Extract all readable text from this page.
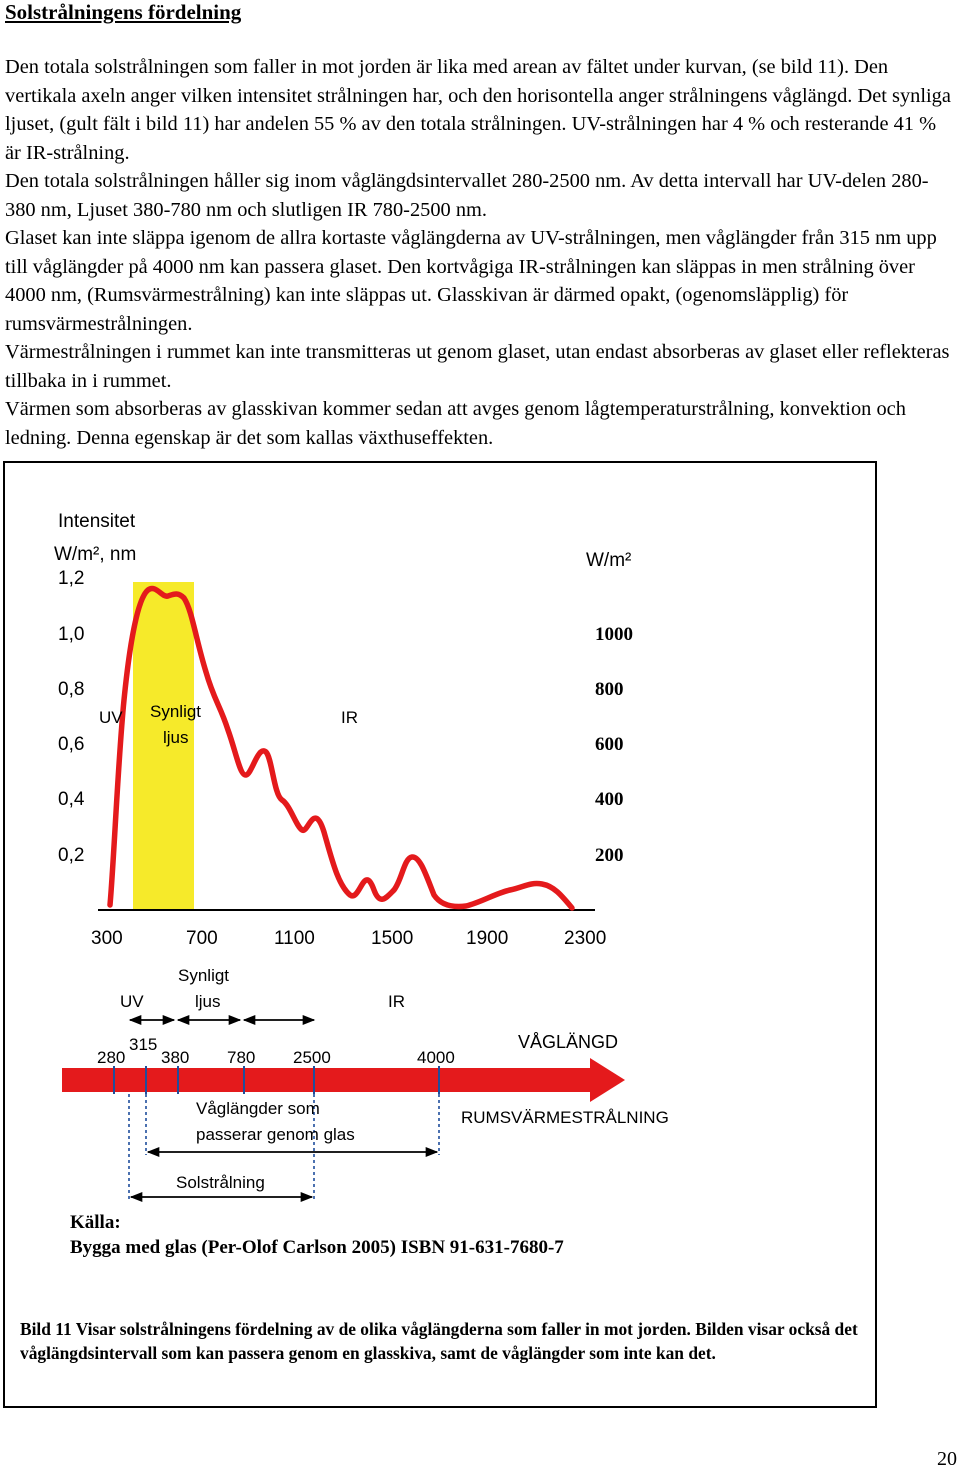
Solstrålningens fördelning
Den totala solstrålningen som faller in mot jorden är lika med arean av fältet under kurvan, (se bild 11). Den vertikala axeln anger vilken intensitet strålningen har, och den horisontella anger strålningens våglängd. Det synliga ljuset, (gult fält i bild 11) har andelen 55 % av den totala strålningen. UV-strålningen har 4 % och resterande 41 % är IR-strålning.
Den totala solstrålningen håller sig inom våglängdsintervallet 280-2500 nm. Av detta intervall har UV-delen 280-380 nm, Ljuset 380-780 nm och slutligen IR 780-2500 nm.
Glaset kan inte släppa igenom de allra kortaste våglängderna av UV-strålningen, men våglängder från 315 nm upp till våglängder på 4000 nm kan passera glaset. Den kortvågiga IR-strålningen kan släppas in men strålning över 4000 nm, (Rumsvärmestrålning) kan inte släppas ut. Glasskivan är därmed opakt, (ogenomsläpplig) för rumsvärmestrålningen.
Värmestrålningen i rummet kan inte transmitteras ut genom glaset, utan endast absorberas av glaset eller reflekteras tillbaka in i rummet.
Värmen som absorberas av glasskivan kommer sedan att avges genom lågtemperaturstrålning, konvektion och ledning. Denna egenskap är det som kallas växthuseffekten.
Intensitet
W/m², nm	W/m²
1,2
1,0
0,8
0,6
0,4
0,2
1000
800
600
400
200
300	700	1100	1500	1900	2300
UV Synligt
ljus
IR
UV
Synligt
ljus	IR
280
315
380 780 2500	4000
VÅGLÄNGD
Våglängder som
passerar genom glas
RUMSVÄRMESTRÅLNING
Solstrålning
Källa:
Bygga med glas (Per-Olof Carlson 2005) ISBN 91-631-7680-7
Bild 11 Visar solstrålningens fördelning av de olika våglängderna som faller in mot jorden. Bilden visar också det våglängdsintervall som kan passera genom en glasskiva, samt de våglängder som inte kan det.
20
